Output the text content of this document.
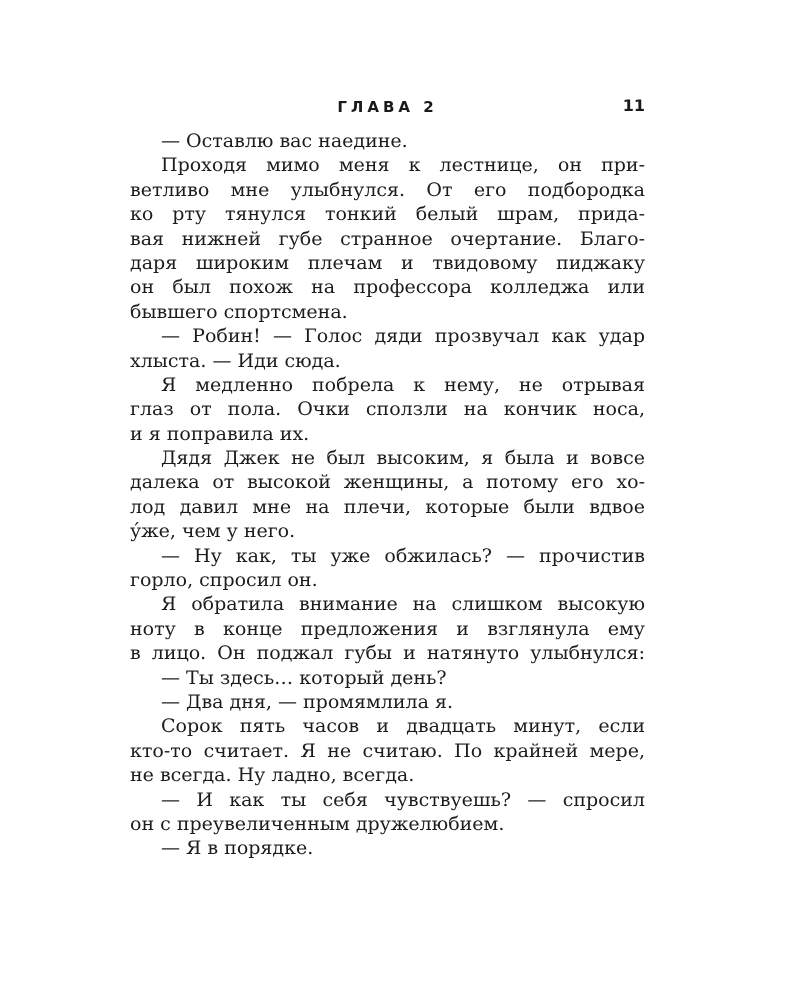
ГЛАВА 2	11
— Оставлю вас наедине.
Проходя мимо меня к лестнице, он при-
ветливо мне улыбнулся. От его подбородка
ко рту тянулся тонкий белый шрам, прида-
вая нижней губе странное очертание. Благо-
даря широким плечам и твидовому пиджаку
он был похож на профессора колледжа или
бывшего спортсмена.
— Робин! — Голос дяди прозвучал как удар
хлыста. — Иди сюда.
Я медленно побрела к нему, не отрывая
глаз от пола. Очки сползли на кончик носа,
и я поправила их.
Дядя Джек не был высоким, я была и вовсе
далека от высокой женщины, а потому его хо-
лод давил мне на плечи, которые были вдвое
у́же, чем у него.
— Ну как, ты уже обжилась? — прочистив
горло, спросил он.
Я обратила внимание на слишком высокую
ноту в конце предложения и взглянула ему
в лицо. Он поджал губы и натянуто улыбнулся:
— Ты здесь… который день?
— Два дня, — промямлила я.
Сорок пять часов и двадцать минут, если
кто-то считает. Я не считаю. По крайней мере,
не всегда. Ну ладно, всегда.
— И как ты себя чувствуешь? — спросил
он с преувеличенным дружелюбием.
— Я в порядке.
